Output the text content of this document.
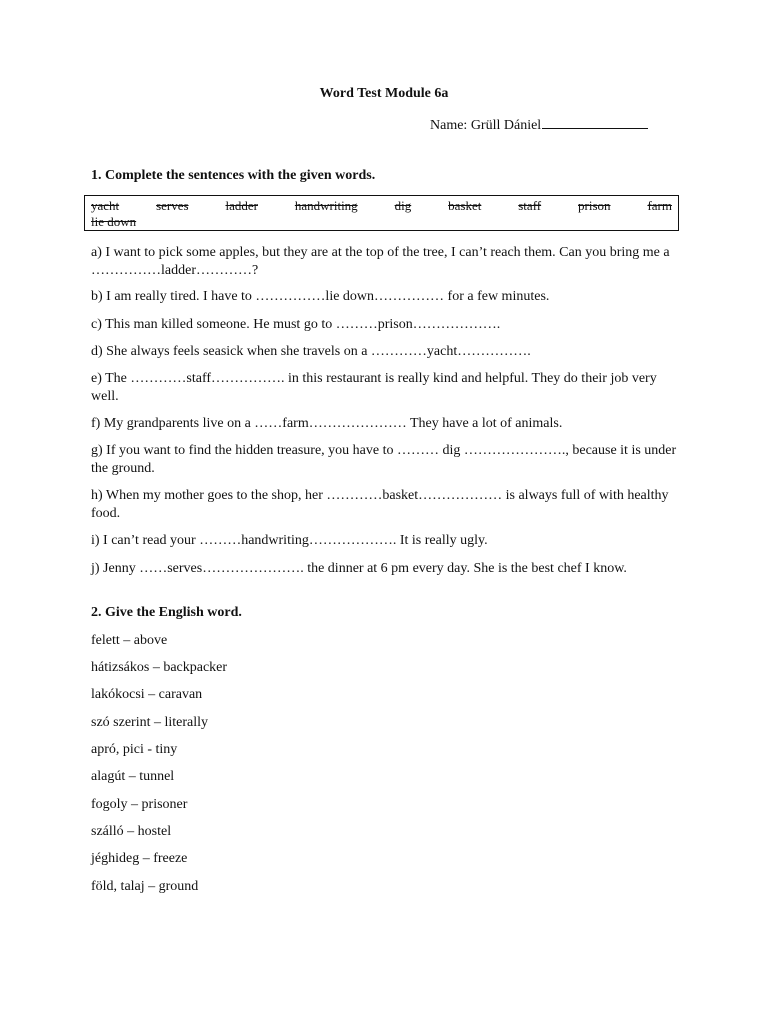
Word Test Module 6a
Name: Grüll Dániel
1. Complete the sentences with the given words.
yacht	serves	ladder	handwriting	dig	basket	staff	prison	farm
lie down
a) I want to pick some apples, but they are at the top of the tree, I can’t reach them. Can you bring me a ……………ladder…………?
b) I am really tired. I have to ……………lie down…………… for a few minutes.
c) This man killed someone. He must go to ………prison……………….
d) She always feels seasick when she travels on a …………yacht…………….
e) The …………staff……………. in this restaurant is really kind and helpful. They do their job very well.
f) My grandparents live on a ……farm………………… They have a lot of animals.
g) If you want to find the hidden treasure, you have to ……… dig …………………., because it is under the ground.
h) When my mother goes to the shop, her …………basket……………… is always full of with healthy food.
i) I can’t read your ………handwriting………………. It is really ugly.
j) Jenny ……serves…………………. the dinner at 6 pm every day. She is the best chef I know.
2. Give the English word.
felett – above
hátizsákos – backpacker
lakókocsi – caravan
szó szerint – literally
apró, pici - tiny
alagút – tunnel
fogoly – prisoner
szálló – hostel
jéghideg – freeze
föld, talaj – ground
